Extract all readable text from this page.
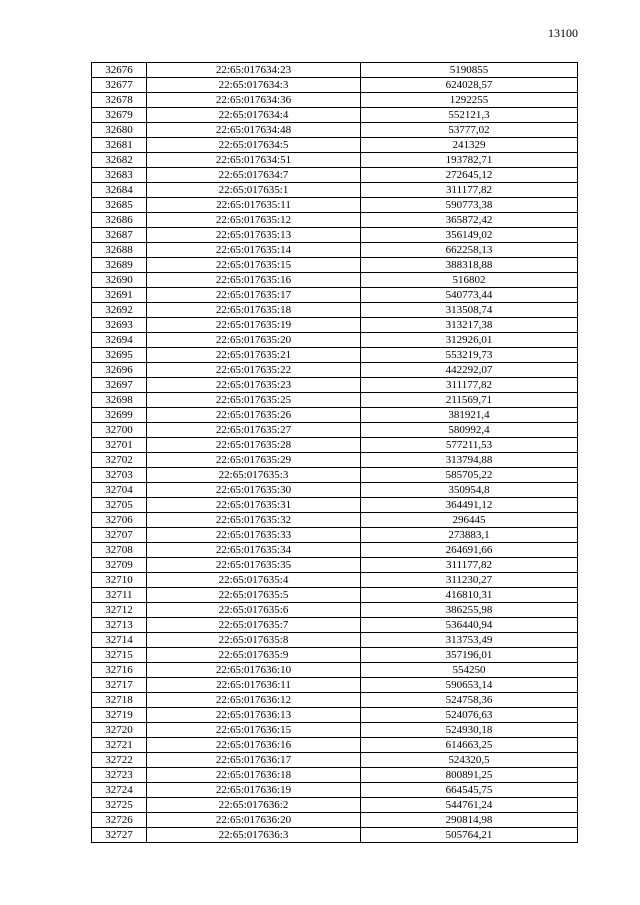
13100
32676	22:65:017634:23	5190855
32677	22:65:017634:3	624028,57
32678	22:65:017634:36	1292255
32679	22:65:017634:4	552121,3
32680	22:65:017634:48	53777,02
32681	22:65:017634:5	241329
32682	22:65:017634:51	193782,71
32683	22:65:017634:7	272645,12
32684	22:65:017635:1	311177,82
32685	22:65:017635:11	590773,38
32686	22:65:017635:12	365872,42
32687	22:65:017635:13	356149,02
32688	22:65:017635:14	662258,13
32689	22:65:017635:15	388318,88
32690	22:65:017635:16	516802
32691	22:65:017635:17	540773,44
32692	22:65:017635:18	313508,74
32693	22:65:017635:19	313217,38
32694	22:65:017635:20	312926,01
32695	22:65:017635:21	553219,73
32696	22:65:017635:22	442292,07
32697	22:65:017635:23	311177,82
32698	22:65:017635:25	211569,71
32699	22:65:017635:26	381921,4
32700	22:65:017635:27	580992,4
32701	22:65:017635:28	577211,53
32702	22:65:017635:29	313794,88
32703	22:65:017635:3	585705,22
32704	22:65:017635:30	350954,8
32705	22:65:017635:31	364491,12
32706	22:65:017635:32	296445
32707	22:65:017635:33	273883,1
32708	22:65:017635:34	264691,66
32709	22:65:017635:35	311177,82
32710	22:65:017635:4	311230,27
32711	22:65:017635:5	416810,31
32712	22:65:017635:6	386255,98
32713	22:65:017635:7	536440,94
32714	22:65:017635:8	313753,49
32715	22:65:017635:9	357196,01
32716	22:65:017636:10	554250
32717	22:65:017636:11	590653,14
32718	22:65:017636:12	524758,36
32719	22:65:017636:13	524076,63
32720	22:65:017636:15	524930,18
32721	22:65:017636:16	614663,25
32722	22:65:017636:17	524320,5
32723	22:65:017636:18	800891,25
32724	22:65:017636:19	664545,75
32725	22:65:017636:2	544761,24
32726	22:65:017636:20	290814,98
32727	22:65:017636:3	505764,21
